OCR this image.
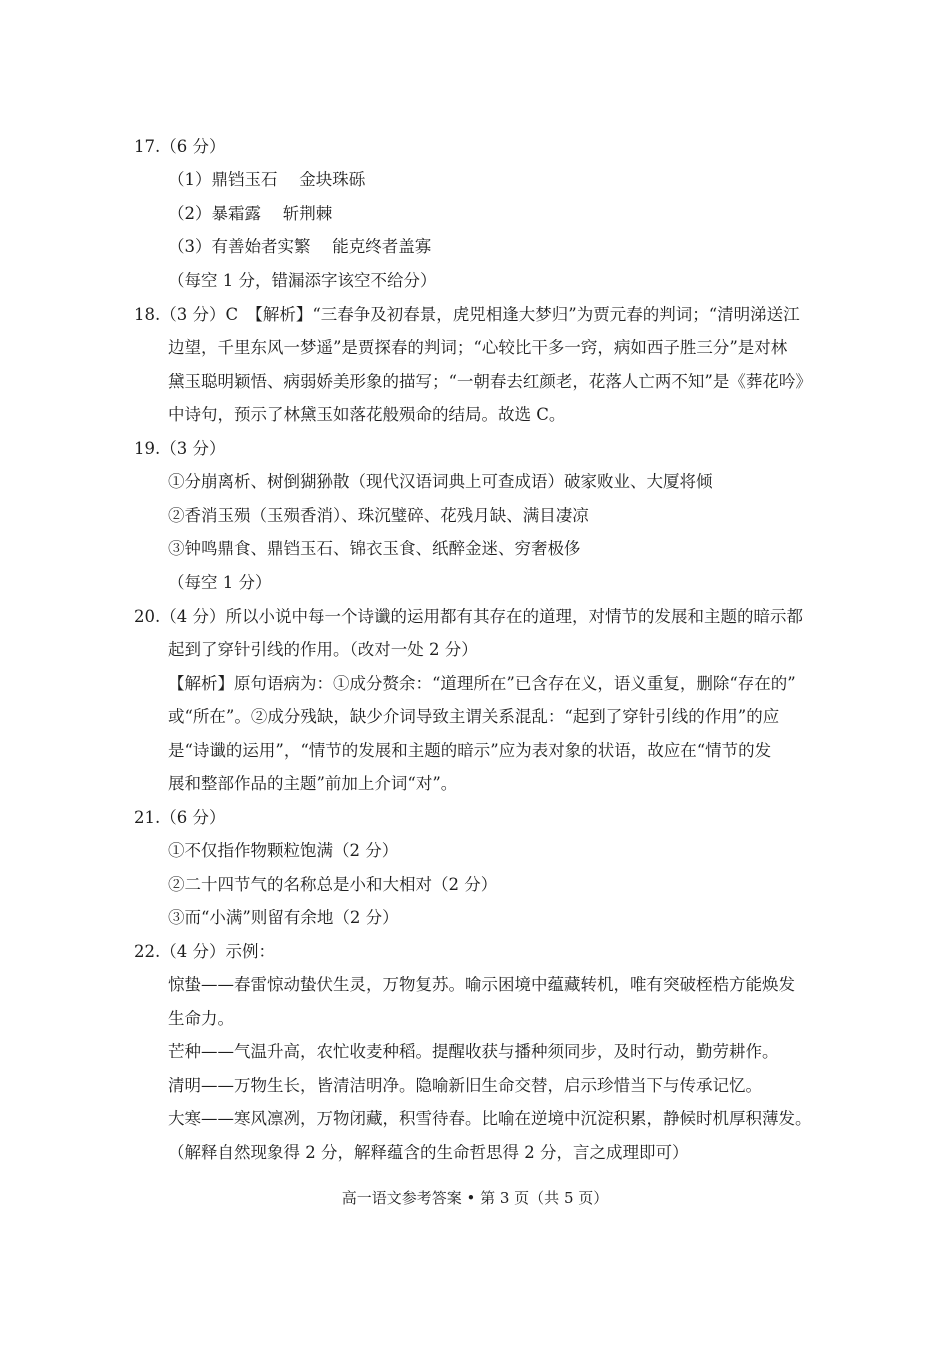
17.（6 分）
（1）鼎铛玉石　 金块珠砾
（2）暴霜露　 斩荆棘
（3）有善始者实繁　 能克终者盖寡
（每空 1 分，错漏添字该空不给分）
18.（3 分）C　【解析】“三春争及初春景，虎兕相逢大梦归”为贾元春的判词；“清明涕送江
边望，千里东风一梦遥”是贾探春的判词；“心较比干多一窍，病如西子胜三分”是对林
黛玉聪明颖悟、病弱娇美形象的描写；“一朝春去红颜老，花落人亡两不知”是《葬花吟》
中诗句，预示了林黛玉如落花般殒命的结局。故选 C。
19.（3 分）
①分崩离析、树倒猢狲散（现代汉语词典上可查成语）破家败业、大厦将倾
②香消玉殒（玉殒香消）、珠沉璧碎、花残月缺、满目凄凉
③钟鸣鼎食、鼎铛玉石、锦衣玉食、纸醉金迷、穷奢极侈
（每空 1 分）
20.（4 分）所以小说中每一个诗谶的运用都有其存在的道理，对情节的发展和主题的暗示都
起到了穿针引线的作用。（改对一处 2 分）
【解析】原句语病为：①成分赘余：“道理所在”已含存在义，语义重复，删除“存在的”
或“所在”。②成分残缺，缺少介词导致主谓关系混乱：“起到了穿针引线的作用”的应
是“诗谶的运用”，“情节的发展和主题的暗示”应为表对象的状语，故应在“情节的发
展和整部作品的主题”前加上介词“对”。
21.（6 分）
①不仅指作物颗粒饱满（2 分）
②二十四节气的名称总是小和大相对（2 分）
③而“小满”则留有余地（2 分）
22.（4 分）示例：
惊蛰——春雷惊动蛰伏生灵，万物复苏。喻示困境中蕴藏转机，唯有突破桎梏方能焕发
生命力。
芒种——气温升高，农忙收麦种稻。提醒收获与播种须同步，及时行动，勤劳耕作。
清明——万物生长，皆清洁明净。隐喻新旧生命交替，启示珍惜当下与传承记忆。
大寒——寒风凛冽，万物闭藏，积雪待春。比喻在逆境中沉淀积累，静候时机厚积薄发。
（解释自然现象得 2 分，解释蕴含的生命哲思得 2 分，言之成理即可）
高一语文参考答案 • 第 3 页（共 5 页）
